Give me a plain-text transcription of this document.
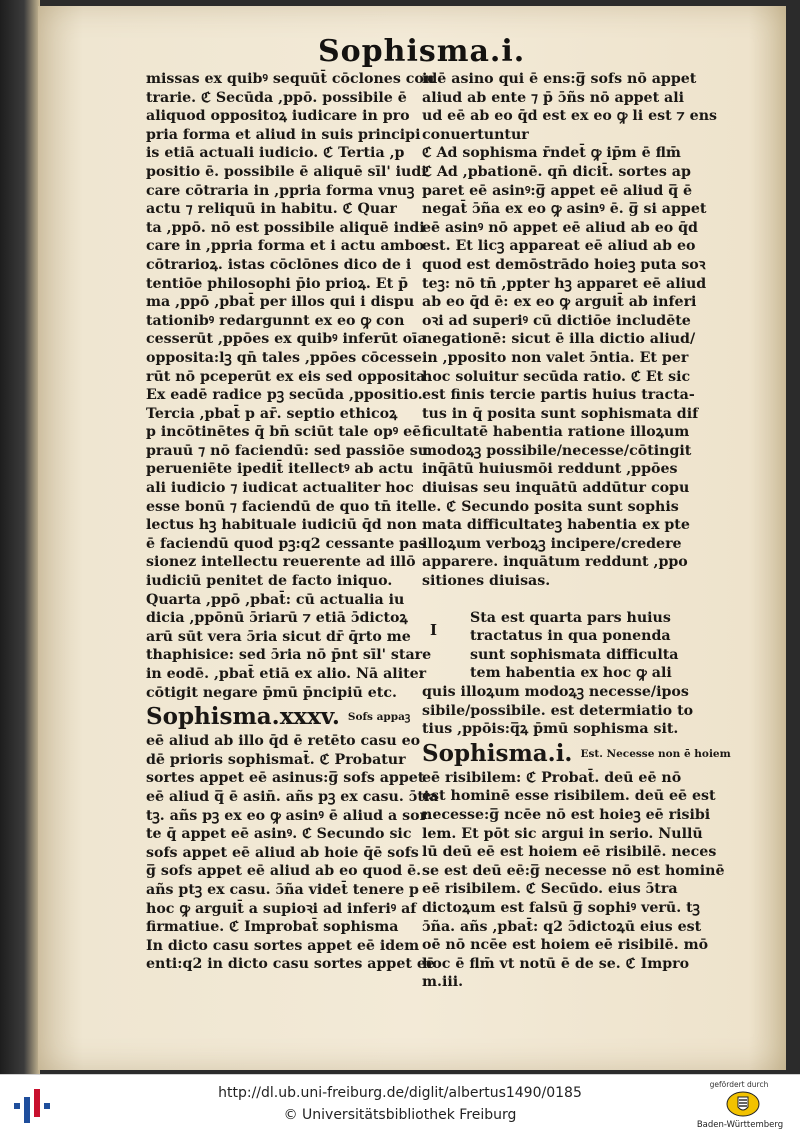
Sophisma.i.
missas ex quibꝰ sequūt̄ cōclones con
trarie. ℭ Secūda ,ppō. possibile ē
aliquod oppositoꝝ iudicare in pro
pria forma et aliud in suis principi
is etiā actuali iudicio. ℭ Tertia ,p
positio ē. possibile ē aliquē sīl' iudi
care cōtraria in ,ppria forma vnuꝫ
actu ⁊ reliquū in habitu. ℭ Quar
ta ,ppō. nō est possibile aliquē indi
care in ,ppria forma et i actu ambo
cōtrarioꝝ. istas cōclōnes dico de i
tentiōe philosophi p̄io prioꝝ. Et p̄
ma ,ppō ,pbat̄ per illos qui i dispu
tationibꝰ redargunnt ex eo ꝙ con
cesserūt ,ppōes ex quibꝰ inferūt oīa
opposita:lꝫ qn̄ tales ,ppōes cōcesse
rūt nō pceperūt ex eis sed opposita
Ex eadē radice pꝫ secūda ,ppositio.
Tercia ,pbat̄ p ar̄. septio ethicoꝝ
p incōtinētes q̄ bn̄ sciūt tale opꝰ eē
prauū ⁊ nō faciendū: sed passiōe su
perueniēte ipedit̄ itellectꝰ ab actu
ali iudicio ⁊ iudicat actualiter hoc
esse bonū ⁊ faciendū de quo tn̄ itel
lectus hꝫ habituale iudiciū q̄d non
ē faciendū quod pꝫ:q2 cessante pas
sionez intellectu reuerente ad illō
iudiciū penitet de facto iniquo.
Quarta ,ppō ,pbat̄: cū actualia iu
dicia ,ppōnū ɔ̄riarū ⁊ etiā ɔ̄dictoꝝ
arū sūt vera ɔ̄ria sicut dr̄ q̄rto me
thaphisice: sed ɔ̄ria nō p̄nt sīl' stare
in eodē. ,pbat̄ etiā ex alio. Nā aliter
cōtigit negare p̄mū p̄ncipiū etc.
Sophisma.xxxv. $^{Sofs appaꝫ}$
eē aliud ab illo q̄d ē retēto casu eo
dē prioris sophismat̄. ℭ Probatur
sortes appet eē asinus:g̅ sofs appet
eē aliud q̅ ē asin̄. añs pꝫ ex casu. ɔ̄tia
tꝫ. añs pꝫ ex eo ꝙ asinꝰ ē aliud a sor
te q̄ appet eē asinꝰ. ℭ Secundo sic
sofs appet eē aliud ab hoie q̄ē sofs
g̅ sofs appet eē aliud ab eo quod ē.
añs ptꝫ ex casu. ɔ̄ña videt̄ tenere p
hoc ꝙ arguit̄ a supioꝛi ad inferiꝰ af
firmatiue. ℭ Improbat̄ sophisma
In dicto casu sortes appet eē idem
enti:q2 in dicto casu sortes appet eē
idē asino qui ē ens:g̅ sofs nō appet
aliud ab ente ⁊ p̄ ɔ̄ñs nō appet ali
ud eē ab eo q̄d est ex eo ꝙ li est ⁊ ens
conuertuntur
ℭ Ad sophisma r̄ndet̄ ꝙ ip̄m ē flm̄
ℭ Ad ,pbationē. qn̄ dicit̄. sortes ap
paret eē asinꝰ:g̅ appet eē aliud q̅ ē
negat̄ ɔ̄ña ex eo ꝙ asinꝰ ē. g̅ si appet
eē asinꝰ nō appet eē aliud ab eo q̄d
est. Et licꝫ appareat eē aliud ab eo
quod est demōstrādo hoieꝫ puta soꝛ
teꝫ: nō tn̄ ,ppter hꝫ apparet eē aliud
ab eo q̄d ē: ex eo ꝙ arguit̄ ab inferi
oꝛi ad superiꝰ cū dictiōe includēte
negationē: sicut ē illa dictio aliud/
in ,pposito non valet ɔ̄ntia. Et per
hoc soluitur secūda ratio. ℭ Et sic
est finis tercie partis huius tracta-
tus in q̄ posita sunt sophismata dif
ficultatē habentia ratione illoꝝum
modoꝝꝫ possibile/necesse/cōtingit
inq̄ātū huiusmōi reddunt ,ppōes
diuisas seu inquātū addūtur copu
le. ℭ Secundo posita sunt sophis
mata difficultateꝫ habentia ex pte
illoꝝum verboꝝꝫ incipere/credere
apparere. inquātum reddunt ,ppo
sitiones diuisas.
I
Sta est quarta pars huius
tractatus in qua ponenda
sunt sophismata difficulta
tem habentia ex hoc ꝙ ali
quis illoꝝum modoꝝꝫ necesse/ipos
sibile/possibile. est determiatio to
tius ,ppōis:q̅ꝝ p̄mū sophisma sit.
Sophisma.i. $^{Est. Necesse non ē hoiem}$
eē risibilem: ℭ Probat̄. deū eē nō
est hominē esse risibilem. deū eē est
necesse:g̅ ncēe nō est hoieꝫ eē risibi
lem. Et pōt sic argui in serio. Nullū
lū deū eē est hoiem eē risibilē. neces
se est deū eē:g̅ necesse nō est hominē
eē risibilem. ℭ Secūdo. eius ɔ̄tra
dictoꝝum est falsū g̅ sophiꝰ verū. tꝫ
ɔ̄ña. añs ,pbat̄: q2 ɔ̄dictoꝝū eius est
oē nō ncēe est hoiem eē risibilē. mō
hoc ē flm̄ vt notū ē de se. ℭ Impro
m.iii.
http://dl.ub.uni-freiburg.de/diglit/albertus1490/0185
© Universitätsbibliothek Freiburg
gefördert durch
Baden-Württemberg
